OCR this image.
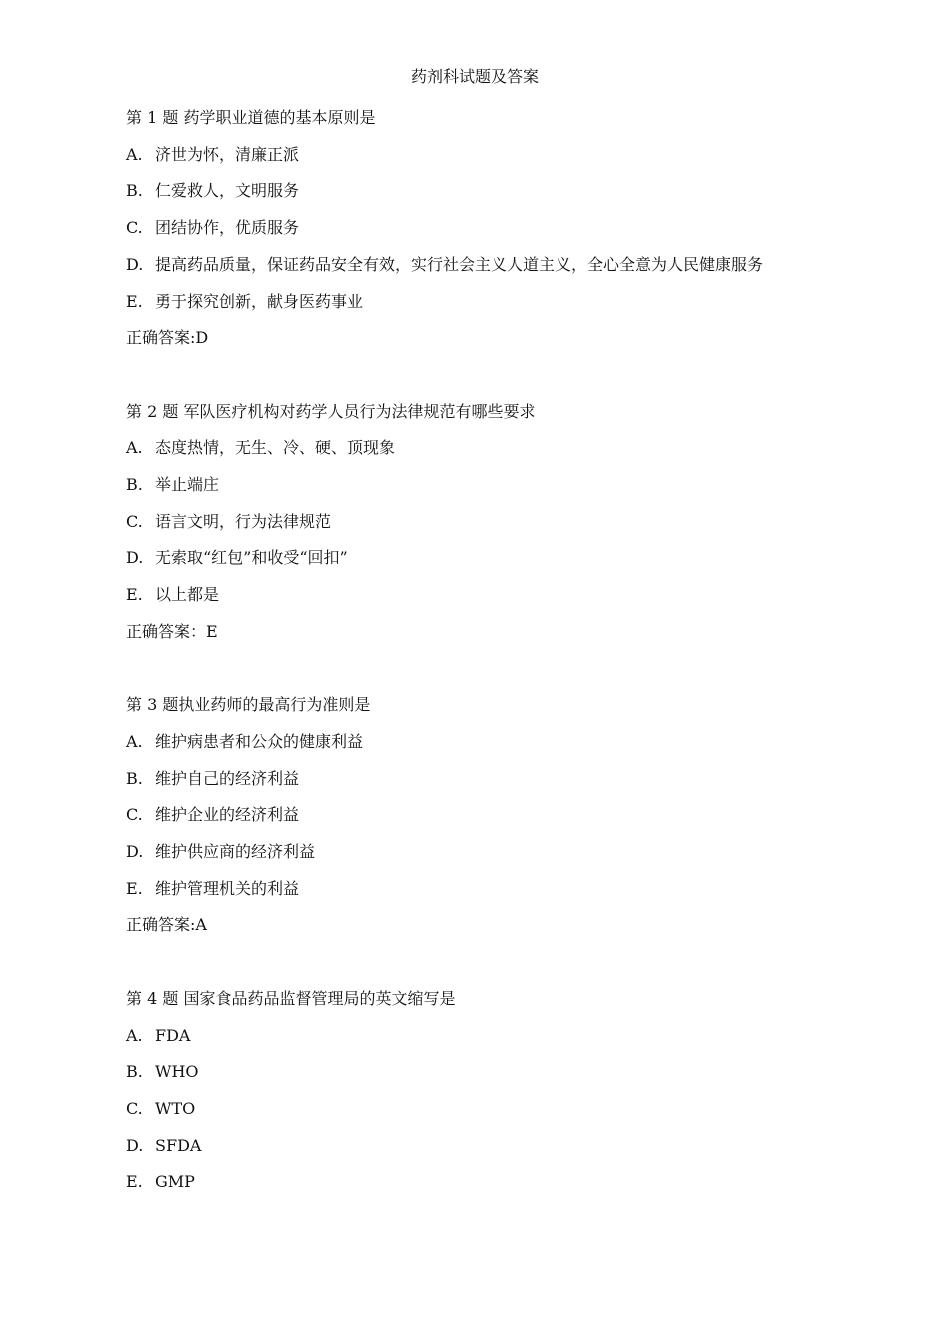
药剂科试题及答案
第 1 题 药学职业道德的基本原则是
A. 济世为怀，清廉正派
B. 仁爱救人，文明服务
C. 团结协作，优质服务
D. 提高药品质量，保证药品安全有效，实行社会主义人道主义，全心全意为人民健康服务
E. 勇于探究创新，献身医药事业
正确答案:D
第 2 题 军队医疗机构对药学人员行为法律规范有哪些要求
A. 态度热情，无生、冷、硬、顶现象
B. 举止端庄
C. 语言文明，行为法律规范
D. 无索取“红包”和收受“回扣”
E. 以上都是
正确答案：E
第 3 题执业药师的最高行为准则是
A. 维护病患者和公众的健康利益
B. 维护自己的经济利益
C. 维护企业的经济利益
D. 维护供应商的经济利益
E. 维护管理机关的利益
正确答案:A
第 4 题 国家食品药品监督管理局的英文缩写是
A. FDA
B. WHO
C. WTO
D. SFDA
E. GMP
